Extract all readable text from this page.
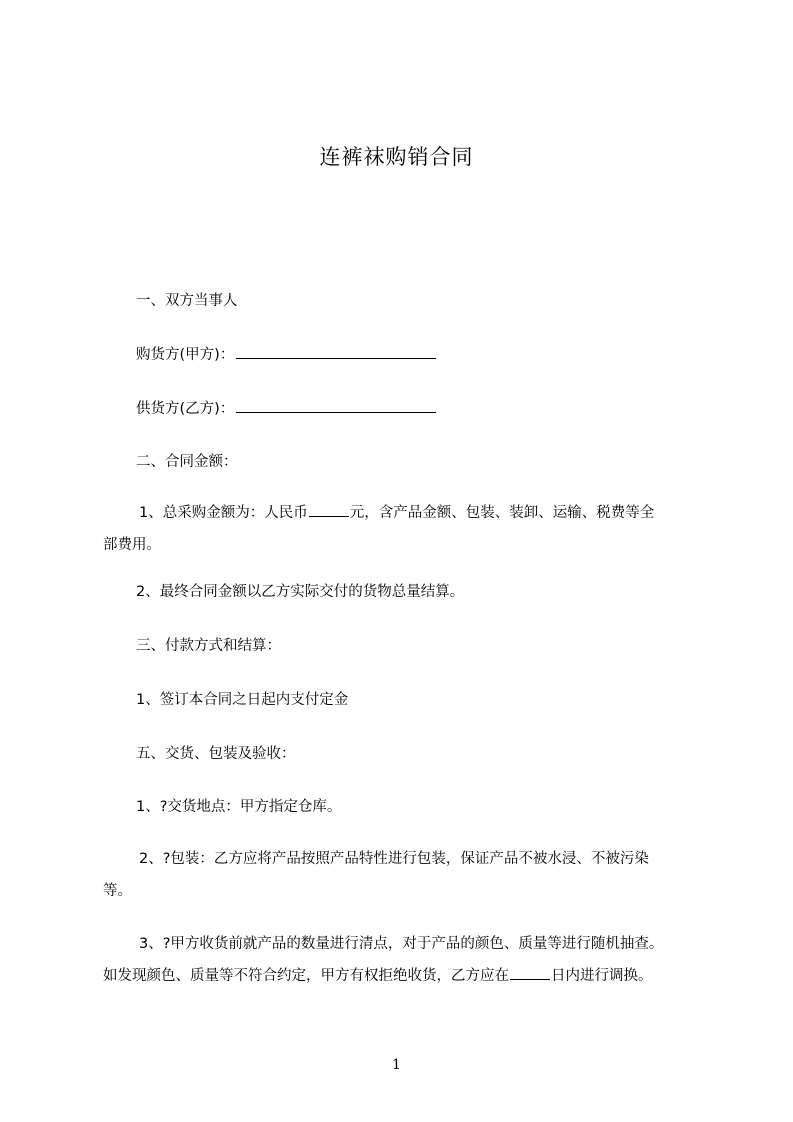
连裤袜购销合同
一、双方当事人
购货方(甲方)：
供货方(乙方)：
二、合同金额：
1、总采购金额为：人民币	元，含产品金额、包装、装卸、运输、税费等全
部费用。
2、最终合同金额以乙方实际交付的货物总量结算。
三、付款方式和结算：
1、签订本合同之日起内支付定金
五、交货、包装及验收：
1、?交货地点：甲方指定仓库。
2、?包装：乙方应将产品按照产品特性进行包装，保证产品不被水浸、不被污染
等。
3、?甲方收货前就产品的数量进行清点，对于产品的颜色、质量等进行随机抽查。
如发现颜色、质量等不符合约定，甲方有权拒绝收货，乙方应在	日内进行调换。
1
